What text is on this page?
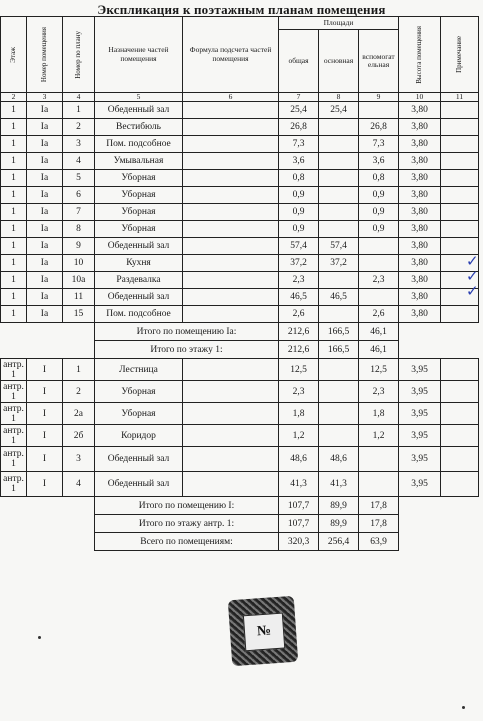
Экспликация к поэтажным планам помещения
Этаж	Номер помещения	Номер по плану	Назначение частей помещения	Формула подсчета частей помещения	Площади			Высота помещения	Примечание

					общая	основная	вспомогат ельная		
2	3	4	5	6	7	8	9	10	11
1	Ia	1	Обеденный зал		25,4	25,4		3,80	
1	Ia	2	Вестибюль		26,8		26,8	3,80	
1	Ia	3	Пом. подсобное		7,3		7,3	3,80	
1	Ia	4	Умывальная		3,6		3,6	3,80	
1	Ia	5	Уборная		0,8		0,8	3,80	
1	Ia	6	Уборная		0,9		0,9	3,80	
1	Ia	7	Уборная		0,9		0,9	3,80	
1	Ia	8	Уборная		0,9		0,9	3,80	
1	Ia	9	Обеденный зал		57,4	57,4		3,80	
1	Ia	10	Кухня		37,2	37,2		3,80	
1	Ia	10a	Раздевалка		2,3		2,3	3,80	
1	Ia	11	Обеденный зал		46,5	46,5		3,80	
1	Ia	15	Пом. подсобное		2,6		2,6	3,80	
			Итого по помещению Ia:		212,6	166,5	46,1		
			Итого по этажу 1:		212,6	166,5	46,1		
антр. 1	I	1	Лестница		12,5		12,5	3,95	
антр. 1	I	2	Уборная		2,3		2,3	3,95	
антр. 1	I	2a	Уборная		1,8		1,8	3,95	
антр. 1	I	2б	Коридор		1,2		1,2	3,95	
антр. 1	I	3	Обеденный зал		48,6	48,6		3,95	
антр. 1	I	4	Обеденный зал		41,3	41,3		3,95	
			Итого по помещению I:		107,7	89,9	17,8		
			Итого по этажу антр. 1:		107,7	89,9	17,8		
			Всего по помещениям:		320,3	256,4	63,9		
✓
✓
✓
№
